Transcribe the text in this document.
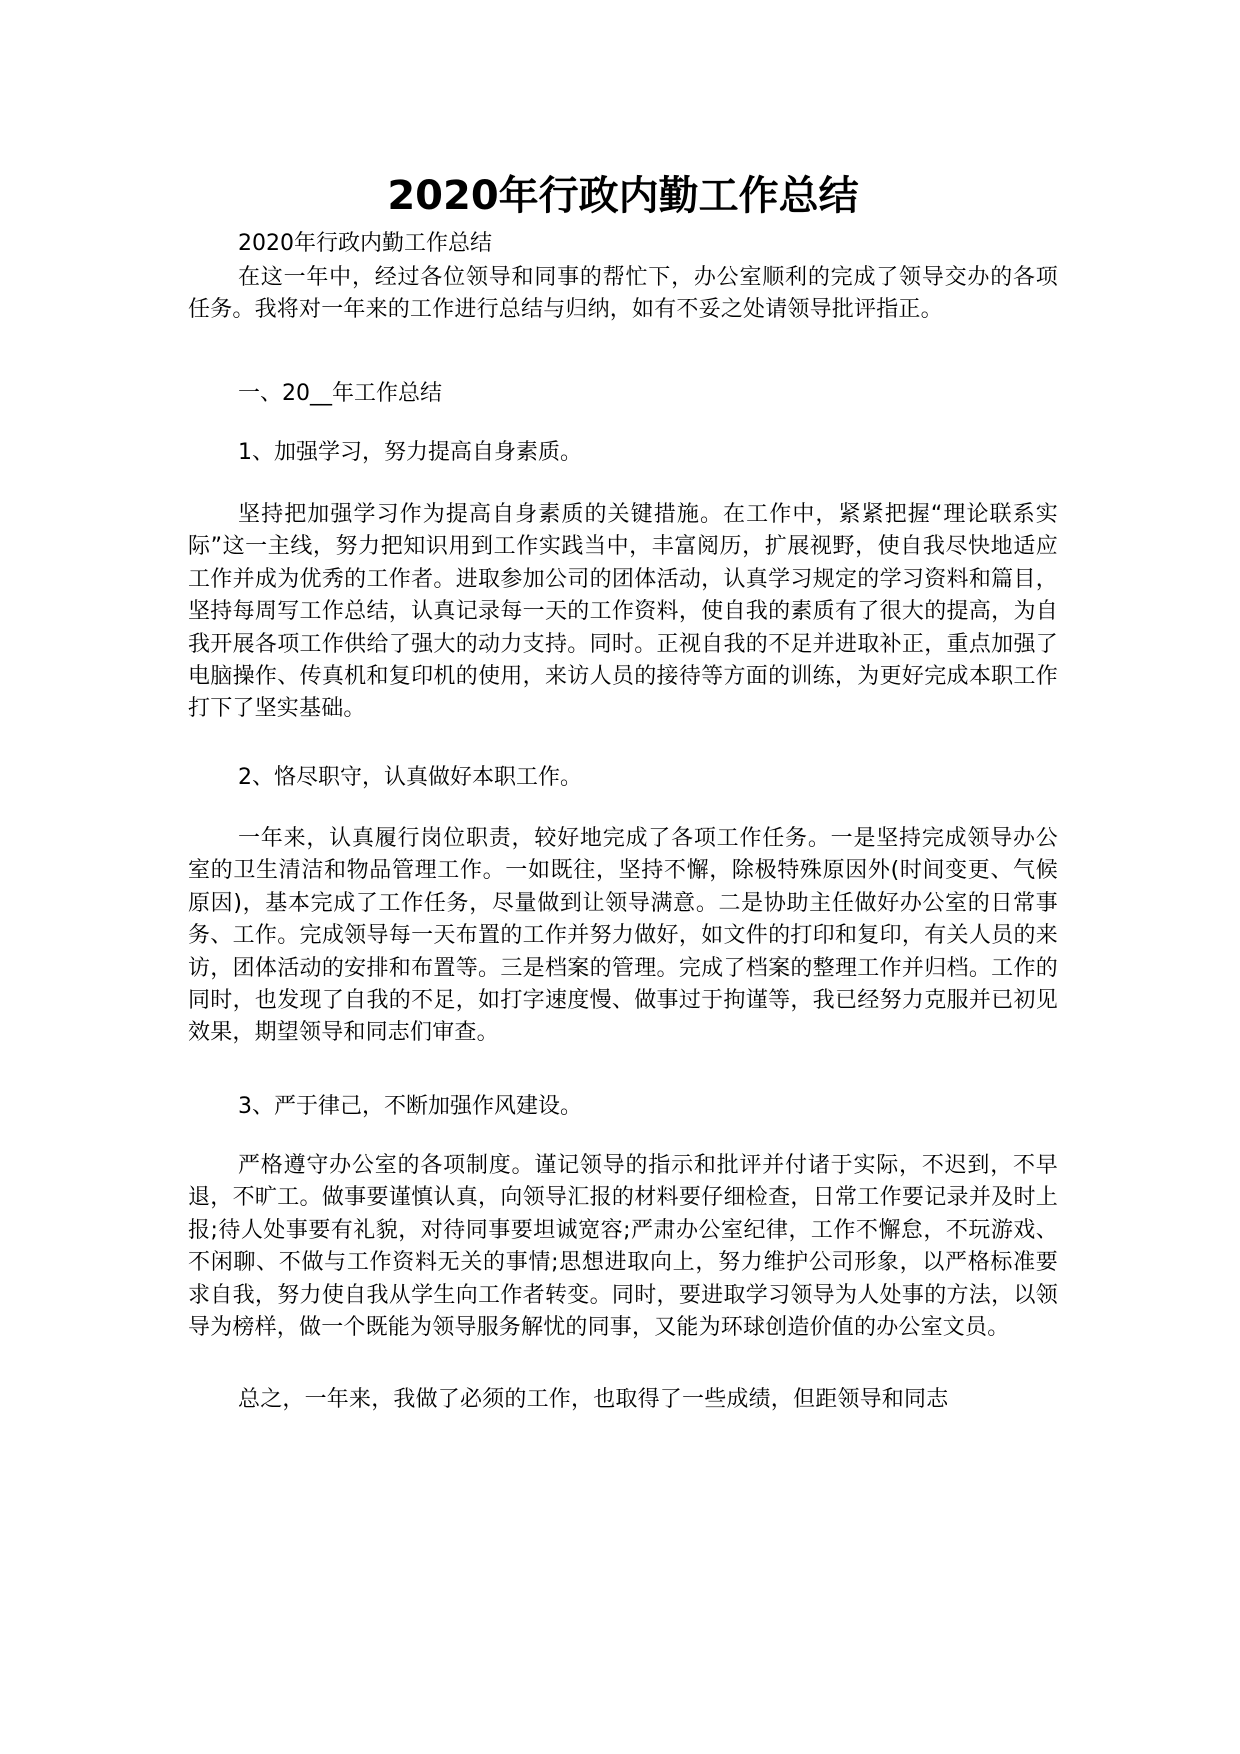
2020年行政内勤工作总结

2020年行政内勤工作总结

在这一年中，经过各位领导和同事的帮忙下，办公室顺利的完成了领导交办的各项任务。我将对一年来的工作进行总结与归纳，如有不妥之处请领导批评指正。

一、20__年工作总结

1、加强学习，努力提高自身素质。

坚持把加强学习作为提高自身素质的关键措施。在工作中，紧紧把握“理论联系实际”这一主线，努力把知识用到工作实践当中，丰富阅历，扩展视野，使自我尽快地适应工作并成为优秀的工作者。进取参加公司的团体活动，认真学习规定的学习资料和篇目，坚持每周写工作总结，认真记录每一天的工作资料，使自我的素质有了很大的提高，为自我开展各项工作供给了强大的动力支持。同时。正视自我的不足并进取补正，重点加强了电脑操作、传真机和复印机的使用，来访人员的接待等方面的训练，为更好完成本职工作打下了坚实基础。

2、恪尽职守，认真做好本职工作。

一年来，认真履行岗位职责，较好地完成了各项工作任务。一是坚持完成领导办公室的卫生清洁和物品管理工作。一如既往，坚持不懈，除极特殊原因外(时间变更、气候原因)，基本完成了工作任务，尽量做到让领导满意。二是协助主任做好办公室的日常事务、工作。完成领导每一天布置的工作并努力做好，如文件的打印和复印，有关人员的来访，团体活动的安排和布置等。三是档案的管理。完成了档案的整理工作并归档。工作的同时，也发现了自我的不足，如打字速度慢、做事过于拘谨等，我已经努力克服并已初见效果，期望领导和同志们审查。

3、严于律己，不断加强作风建设。

严格遵守办公室的各项制度。谨记领导的指示和批评并付诸于实际，不迟到，不早退，不旷工。做事要谨慎认真，向领导汇报的材料要仔细检查，日常工作要记录并及时上报;待人处事要有礼貌，对待同事要坦诚宽容;严肃办公室纪律，工作不懈怠，不玩游戏、不闲聊、不做与工作资料无关的事情;思想进取向上，努力维护公司形象，以严格标准要求自我，努力使自我从学生向工作者转变。同时，要进取学习领导为人处事的方法，以领导为榜样，做一个既能为领导服务解忧的同事，又能为环球创造价值的办公室文员。

总之，一年来，我做了必须的工作，也取得了一些成绩，但距领导和同志
